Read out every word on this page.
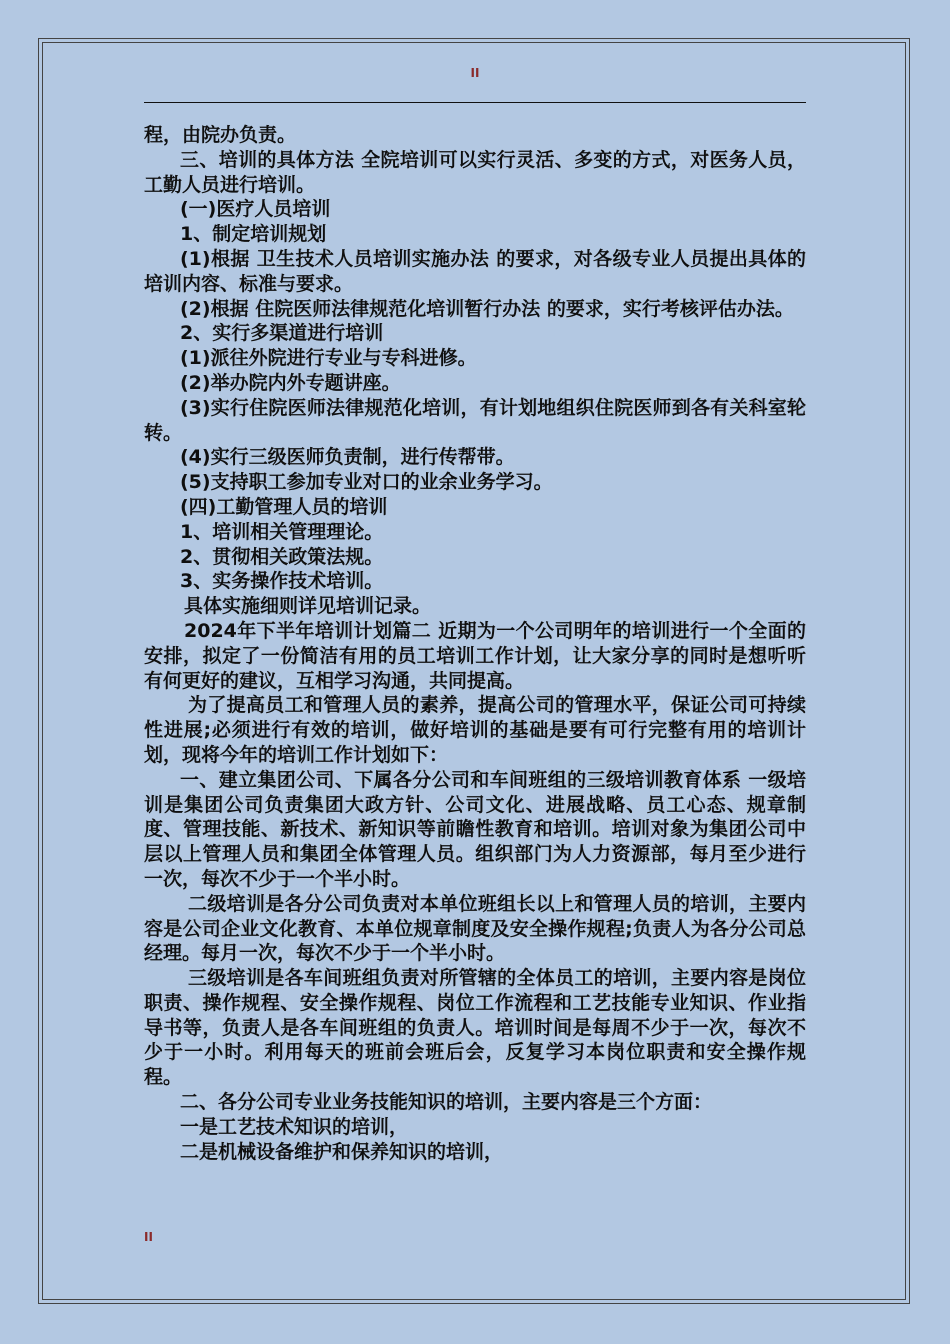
II

程，由院办负责。

三、培训的具体方法 全院培训可以实行灵活、多变的方式，对医务人员，工勤人员进行培训。

(一)医疗人员培训

1、制定培训规划

(1)根据 卫生技术人员培训实施办法 的要求，对各级专业人员提出具体的培训内容、标准与要求。

(2)根据 住院医师法律规范化培训暂行办法 的要求，实行考核评估办法。

2、实行多渠道进行培训

(1)派往外院进行专业与专科进修。

(2)举办院内外专题讲座。

(3)实行住院医师法律规范化培训，有计划地组织住院医师到各有关科室轮转。

(4)实行三级医师负责制，进行传帮带。

(5)支持职工参加专业对口的业余业务学习。

(四)工勤管理人员的培训

1、培训相关管理理论。

2、贯彻相关政策法规。

3、实务操作技术培训。

具体实施细则详见培训记录。

2024年下半年培训计划篇二 近期为一个公司明年的培训进行一个全面的安排，拟定了一份简洁有用的员工培训工作计划，让大家分享的同时是想听听有何更好的建议，互相学习沟通，共同提高。

为了提高员工和管理人员的素养，提高公司的管理水平，保证公司可持续性进展;必须进行有效的培训，做好培训的基础是要有可行完整有用的培训计划，现将今年的培训工作计划如下：

一、建立集团公司、下属各分公司和车间班组的三级培训教育体系 一级培训是集团公司负责集团大政方针、公司文化、进展战略、员工心态、规章制度、管理技能、新技术、新知识等前瞻性教育和培训。培训对象为集团公司中层以上管理人员和集团全体管理人员。组织部门为人力资源部，每月至少进行一次，每次不少于一个半小时。

二级培训是各分公司负责对本单位班组长以上和管理人员的培训，主要内容是公司企业文化教育、本单位规章制度及安全操作规程;负责人为各分公司总经理。每月一次，每次不少于一个半小时。

三级培训是各车间班组负责对所管辖的全体员工的培训，主要内容是岗位职责、操作规程、安全操作规程、岗位工作流程和工艺技能专业知识、作业指导书等，负责人是各车间班组的负责人。培训时间是每周不少于一次，每次不少于一小时。利用每天的班前会班后会，反复学习本岗位职责和安全操作规程。

二、各分公司专业业务技能知识的培训，主要内容是三个方面：

一是工艺技术知识的培训，

二是机械设备维护和保养知识的培训，

II
